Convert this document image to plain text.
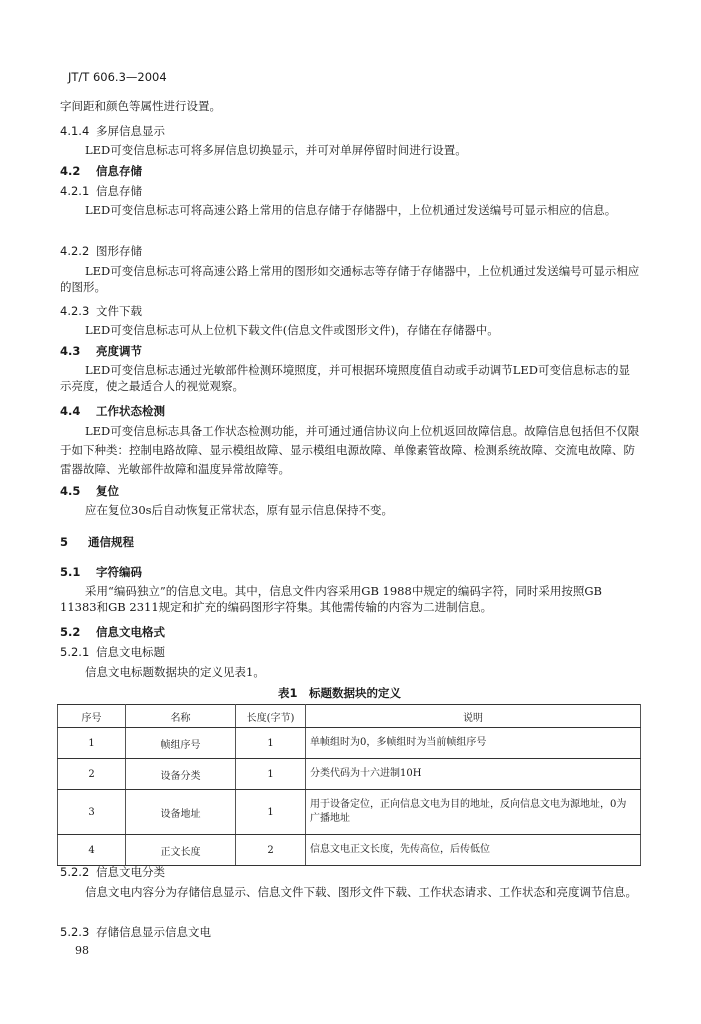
JT/T 606.3—2004
字间距和颜色等属性进行设置。
4.1.4 多屏信息显示
LED可变信息标志可将多屏信息切换显示，并可对单屏停留时间进行设置。
4.2 信息存储
4.2.1 信息存储
LED可变信息标志可将高速公路上常用的信息存储于存储器中，上位机通过发送编号可显示相应的信息。
4.2.2 图形存储
LED可变信息标志可将高速公路上常用的图形如交通标志等存储于存储器中，上位机通过发送编号可显示相应的图形。
4.2.3 文件下载
LED可变信息标志可从上位机下载文件(信息文件或图形文件)，存储在存储器中。
4.3 亮度调节
LED可变信息标志通过光敏部件检测环境照度，并可根据环境照度值自动或手动调节LED可变信息标志的显示亮度，使之最适合人的视觉观察。
4.4 工作状态检测
LED可变信息标志具备工作状态检测功能，并可通过通信协议向上位机返回故障信息。故障信息包括但不仅限于如下种类：控制电路故障、显示模组故障、显示模组电源故障、单像素管故障、检测系统故障、交流电故障、防雷器故障、光敏部件故障和温度异常故障等。
4.5 复位
应在复位30s后自动恢复正常状态，原有显示信息保持不变。
5 通信规程
5.1 字符编码
采用“编码独立”的信息文电。其中，信息文件内容采用GB 1988中规定的编码字符，同时采用按照GB 11383和GB 2311规定和扩充的编码图形字符集。其他需传输的内容为二进制信息。
5.2 信息文电格式
5.2.1 信息文电标题
信息文电标题数据块的定义见表1。
表1　标题数据块的定义
序号	名称	长度(字节)	说明
1	帧组序号	1	单帧组时为0，多帧组时为当前帧组序号
2	设备分类	1	分类代码为十六进制10H
3	设备地址	1	用于设备定位，正向信息文电为目的地址，反向信息文电为源地址，0为广播地址
4	正文长度	2	信息文电正文长度，先传高位，后传低位
5.2.2 信息文电分类
信息文电内容分为存储信息显示、信息文件下载、图形文件下载、工作状态请求、工作状态和亮度调节信息。
5.2.3 存储信息显示信息文电
98
